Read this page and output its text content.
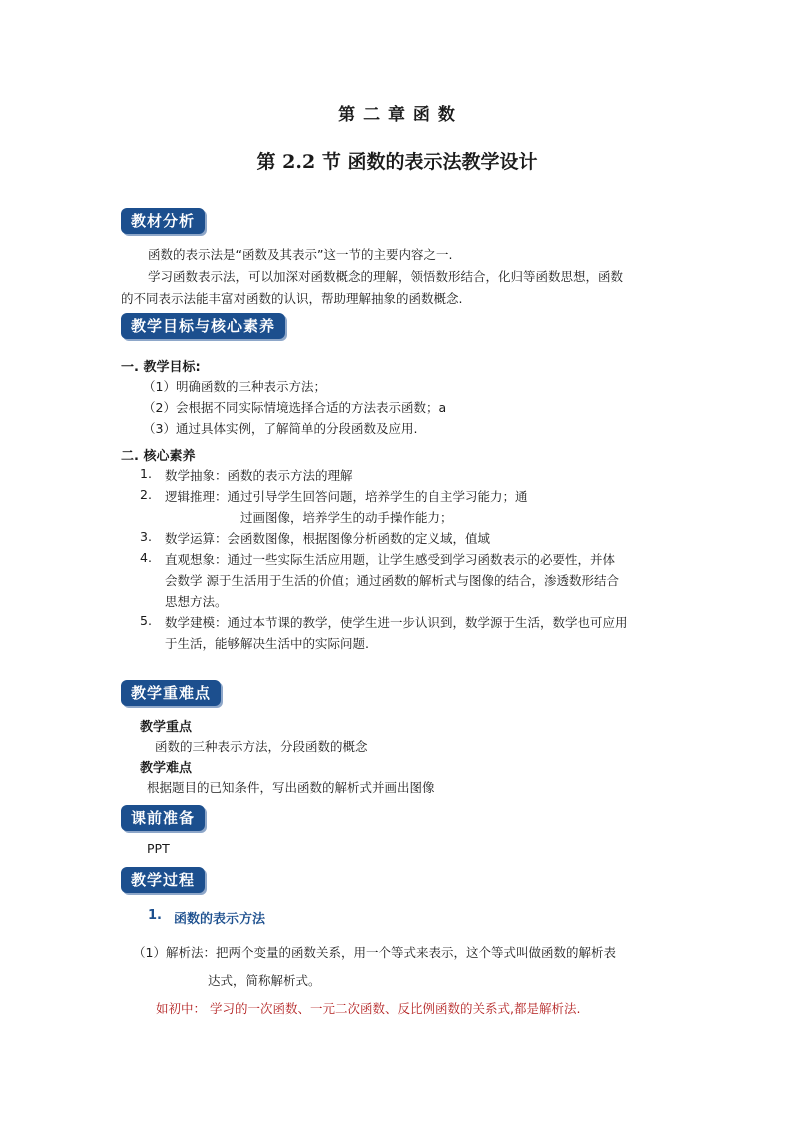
第 二 章 函 数
第 2.2 节 函数的表示法教学设计
教材分析
函数的表示法是“函数及其表示”这一节的主要内容之一.
学习函数表示法，可以加深对函数概念的理解，领悟数形结合，化归等函数思想，函数
的不同表示法能丰富对函数的认识，帮助理解抽象的函数概念.
教学目标与核心素养
一. 教学目标:
（1）明确函数的三种表示方法；
（2）会根据不同实际情境选择合适的方法表示函数；a
（3）通过具体实例，了解简单的分段函数及应用.
二. 核心素养
1. 数学抽象：函数的表示方法的理解
2. 逻辑推理：通过引导学生回答问题，培养学生的自主学习能力；通
过画图像，培养学生的动手操作能力；
3. 数学运算：会函数图像，根据图像分析函数的定义域，值域
4. 直观想象：通过一些实际生活应用题，让学生感受到学习函数表示的必要性，并体
会数学 源于生活用于生活的价值；通过函数的解析式与图像的结合，渗透数形结合
思想方法。
5. 数学建模：通过本节课的教学，使学生进一步认识到，数学源于生活，数学也可应用
于生活，能够解决生活中的实际问题.
教学重难点
教学重点
函数的三种表示方法，分段函数的概念
教学难点
根据题目的已知条件，写出函数的解析式并画出图像
课前准备
PPT
教学过程
1. 函数的表示方法
（1）解析法：把两个变量的函数关系，用一个等式来表示，这个等式叫做函数的解析表
达式，简称解析式。
如初中： 学习的一次函数、一元二次函数、反比例函数的关系式,都是解析法.
